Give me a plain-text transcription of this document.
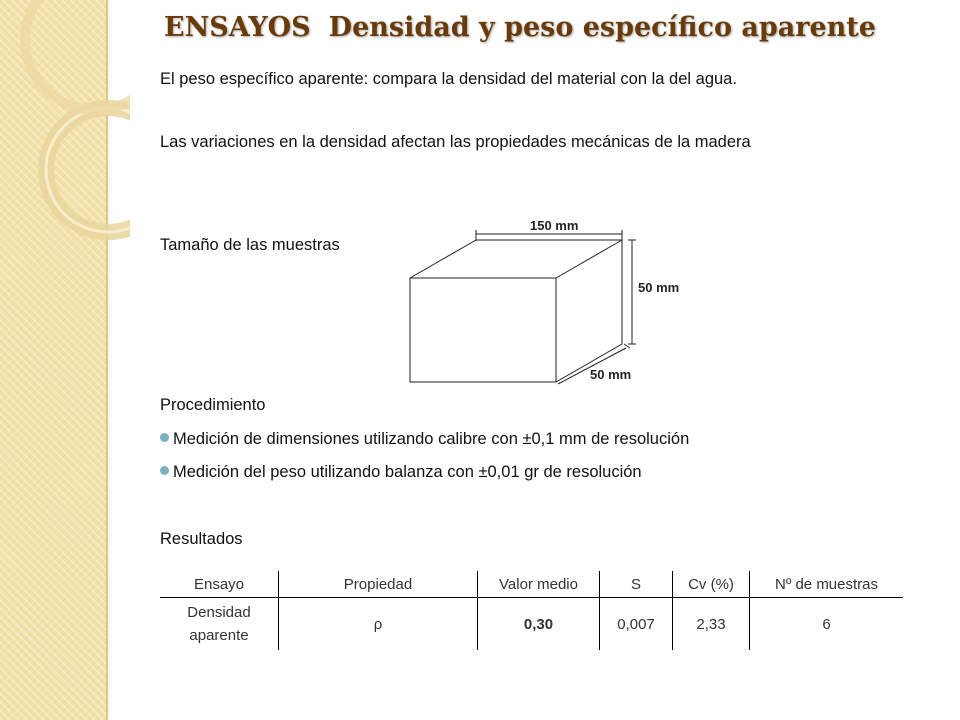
ENSAYOS Densidad y peso específico aparente
El peso específico aparente: compara la densidad del material con la del agua.
Las variaciones en la densidad afectan las propiedades mecánicas de la madera
Tamaño de las muestras
150 mm
50 mm
50 mm
Procedimiento
Medición de dimensiones utilizando calibre con ±0,1 mm de resolución
Medición del peso utilizando balanza con ±0,01 gr de resolución
Resultados
Ensayo	Propiedad	Valor medio	S	Cv (%)	Nº de muestras
Densidad aparente	ρ	0,30	0,007	2,33	6
